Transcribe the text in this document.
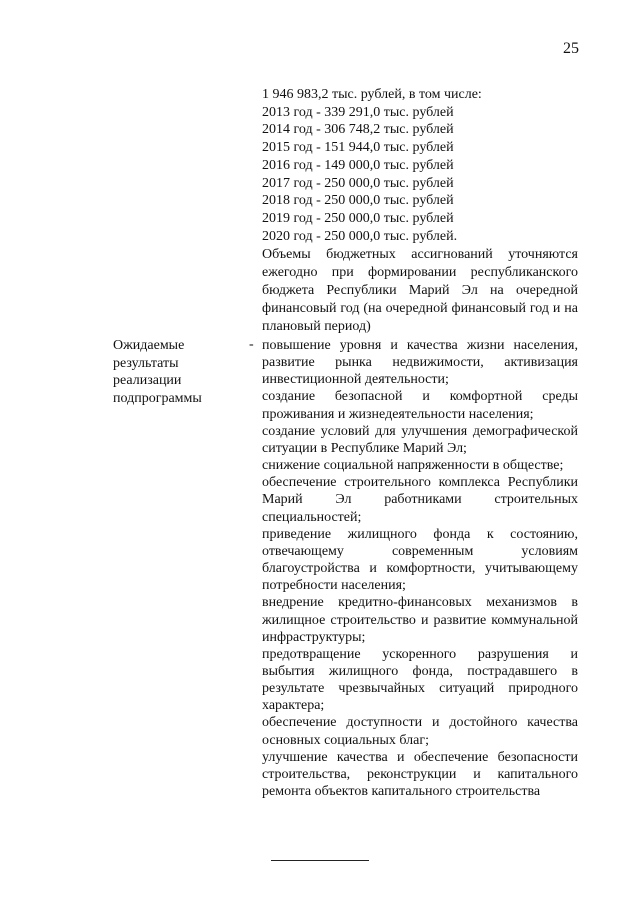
25
1 946 983,2 тыс. рублей, в том числе:
2013 год - 339 291,0 тыс. рублей
2014 год - 306 748,2 тыс. рублей
2015 год - 151 944,0 тыс. рублей
2016 год - 149 000,0 тыс. рублей
2017 год - 250 000,0 тыс. рублей
2018 год - 250 000,0 тыс. рублей
2019 год - 250 000,0 тыс. рублей
2020 год - 250 000,0 тыс. рублей.
Объемы бюджетных ассигнований уточняются ежегодно при формировании республиканского бюджета Республики Марий Эл на очередной финансовый год (на очередной финансовый год и на плановый период)
Ожидаемые результаты реализации подпрограммы
- повышение уровня и качества жизни населения, развитие рынка недвижимости, активизация инвестиционной деятельности;

создание безопасной и комфортной среды проживания и жизнедеятельности населения;

создание условий для улучшения демографической ситуации в Республике Марий Эл;

снижение социальной напряженности в обществе;

обеспечение строительного комплекса Республики Марий Эл работниками строительных специальностей;

приведение жилищного фонда к состоянию, отвечающему современным условиям благоустройства и комфортности, учитывающему потребности населения;

внедрение кредитно-финансовых механизмов в жилищное строительство и развитие коммунальной инфраструктуры;

предотвращение ускоренного разрушения и выбытия жилищного фонда, пострадавшего в результате чрезвычайных ситуаций природного характера;

обеспечение доступности и достойного качества основных социальных благ;

улучшение качества и обеспечение безопасности строительства, реконструкции и капитального ремонта объектов капитального строительства
